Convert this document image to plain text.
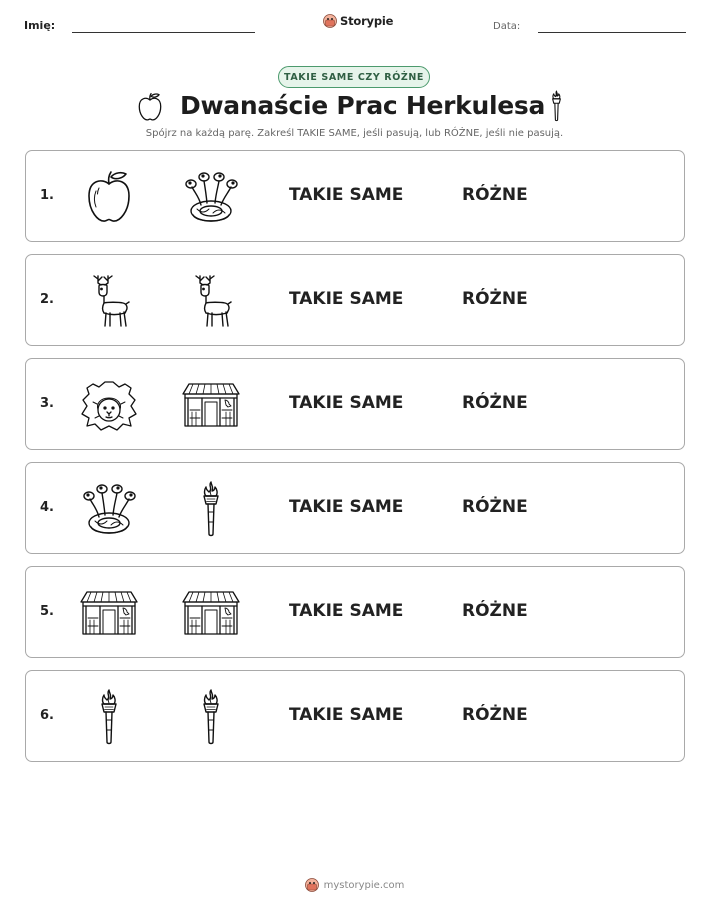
Imię:	Storypie	Data:
TAKIE SAME CZY RÓŻNE
Dwanaście Prac Herkulesa
Spójrz na każdą parę. Zakreśl TAKIE SAME, jeśli pasują, lub RÓŻNE, jeśli nie pasują.
1.	TAKIE SAME	RÓŻNE
2.	TAKIE SAME	RÓŻNE
3.	TAKIE SAME	RÓŻNE
4.	TAKIE SAME	RÓŻNE
5.	TAKIE SAME	RÓŻNE
6.	TAKIE SAME	RÓŻNE
mystorypie.com
